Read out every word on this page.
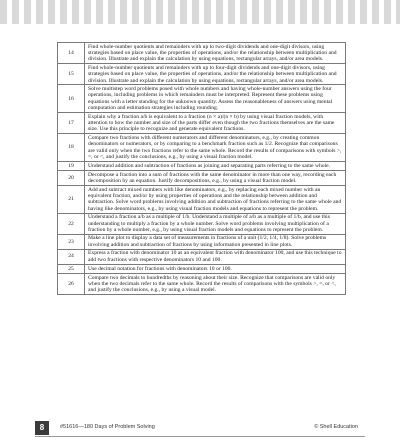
14	Find whole-number quotients and remainders with up to two-digit dividends and one-digit divisors, using strategies based on place value, the properties of operations, and/or the relationship between multiplication and division. Illustrate and explain the calculation by using equations, rectangular arrays, and/or area models.
15	Find whole-number quotients and remainders with up to four-digit dividends and one-digit divisors, using strategies based on place value, the properties of operations, and/or the relationship between multiplication and division. Illustrate and explain the calculation by using equations, rectangular arrays, and/or area models.
16	Solve multistep word problems posed with whole numbers and having whole-number answers using the four operations, including problems in which remainders must be interpreted. Represent these problems using equations with a letter standing for the unknown quantity. Assess the reasonableness of answers using mental computation and estimation strategies including rounding.
17	Explain why a fraction a/b is equivalent to a fraction (n × a)/(n × b) by using visual fraction models, with attention to how the number and size of the parts differ even though the two fractions themselves are the same size. Use this principle to recognize and generate equivalent fractions.
18	Compare two fractions with different numerators and different denominators, e.g., by creating common denominators or numerators, or by comparing to a benchmark fraction such as 1/2. Recognize that comparisons are valid only when the two fractions refer to the same whole. Record the results of comparisons with symbols >, =, or <, and justify the conclusions, e.g., by using a visual fraction model.
19	Understand addition and subtraction of fractions as joining and separating parts referring to the same whole.
20	Decompose a fraction into a sum of fractions with the same denominator in more than one way, recording each decomposition by an equation. Justify decompositions, e.g., by using a visual fraction model.
21	Add and subtract mixed numbers with like denominators, e.g., by replacing each mixed number with an equivalent fraction, and/or by using properties of operations and the relationship between addition and subtraction. Solve word problems involving addition and subtraction of fractions referring to the same whole and having like denominators, e.g., by using visual fraction models and equations to represent the problem.
22	Understand a fraction a/b as a multiple of 1/b. Understand a multiple of a/b as a multiple of 1/b, and use this understanding to multiply a fraction by a whole number. Solve word problems involving multiplication of a fraction by a whole number, e.g., by using visual fraction models and equations to represent the problem.
23	Make a line plot to display a data set of measurements in fractions of a unit (1/2, 1/4, 1/8). Solve problems involving addition and subtraction of fractions by using information presented in line plots.
24	Express a fraction with denominator 10 as an equivalent fraction with denominator 100, and use this technique to add two fractions with respective denominators 10 and 100.
25	Use decimal notation for fractions with denominators 10 or 100.
26	Compare two decimals to hundredths by reasoning about their size. Recognize that comparisons are valid only when the two decimals refer to the same whole. Record the results of comparisons with the symbols >, =, or <, and justify the conclusions, e.g., by using a visual model.
8	#51616—180 Days of Problem Solving	© Shell Education
